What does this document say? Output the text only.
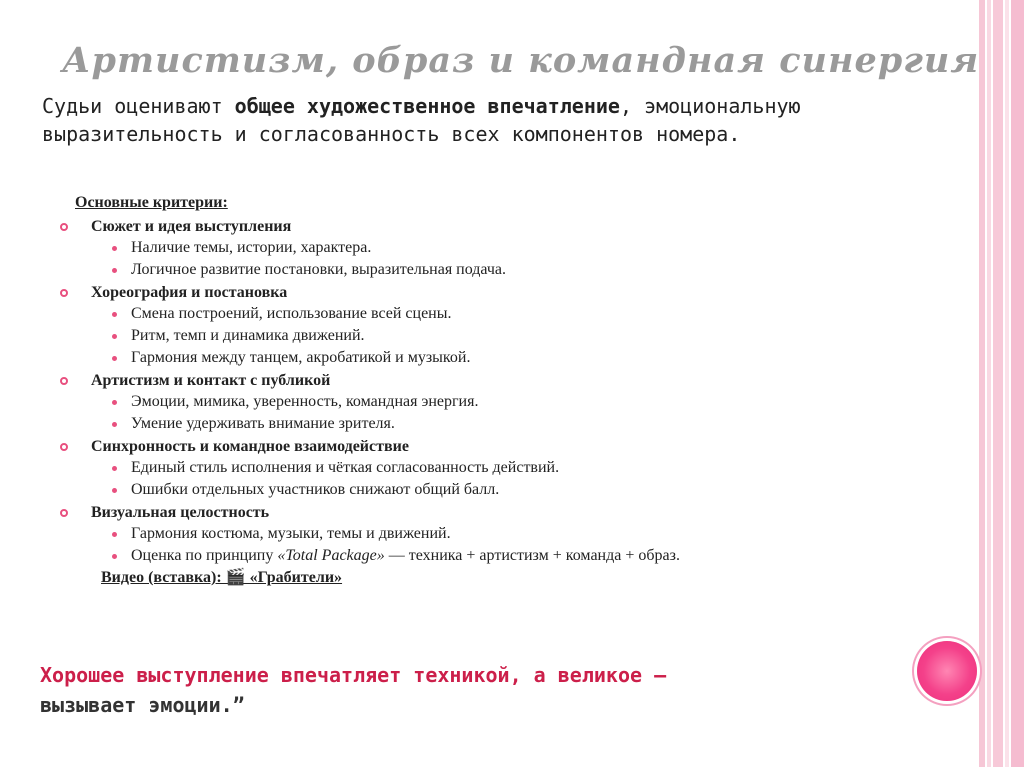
Артистизм, образ и командная синергия

Судьи оценивают общее художественное впечатление, эмоциональную выразительность и согласованность всех компонентов номера.

Основные критерии:
Сюжет и идея выступления
Наличие темы, истории, характера.
Логичное развитие постановки, выразительная подача.
Хореография и постановка
Смена построений, использование всей сцены.
Ритм, темп и динамика движений.
Гармония между танцем, акробатикой и музыкой.
Артистизм и контакт с публикой
Эмоции, мимика, уверенность, командная энергия.
Умение удерживать внимание зрителя.
Синхронность и командное взаимодействие
Единый стиль исполнения и чёткая согласованность действий.
Ошибки отдельных участников снижают общий балл.
Визуальная целостность
Гармония костюма, музыки, темы и движений.
Оценка по принципу «Total Package» — техника + артистизм + команда + образ.
Видео (вставка): 🎬 «Грабители»
Хорошее выступление впечатляет техникой, а великое —
вызывает эмоции.”
